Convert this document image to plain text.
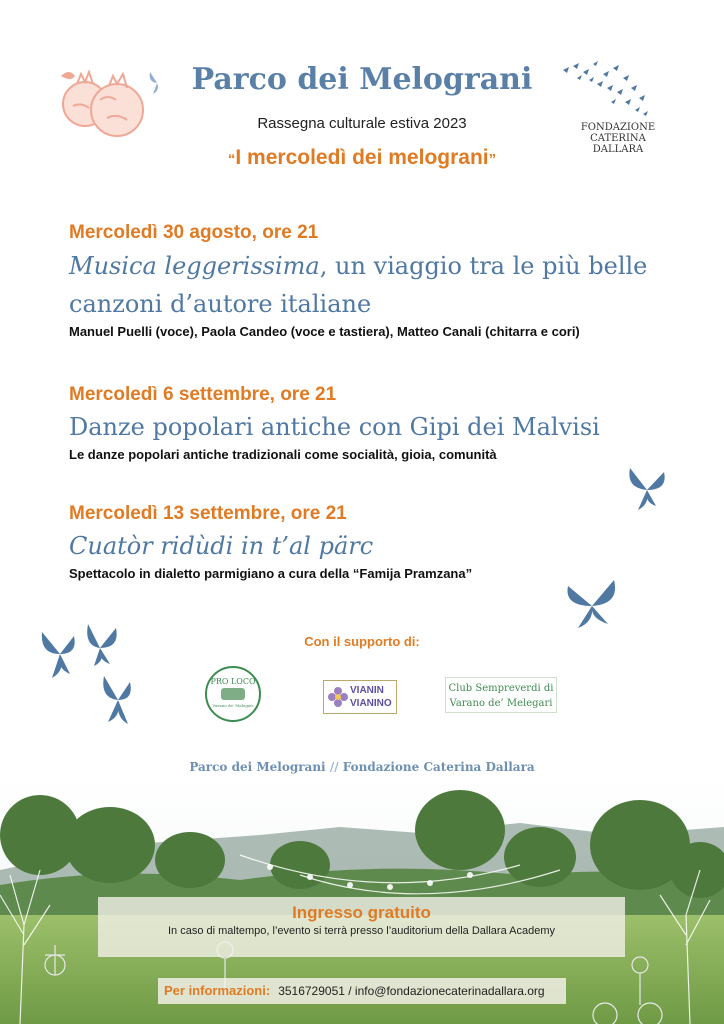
Parco dei Melograni
Rassegna culturale estiva 2023
“I mercoledì dei melograni”
FONDAZIONE
CATERINA
DALLARA
Mercoledì 30 agosto, ore 21
Musica leggerissima, un viaggio tra le più belle
canzoni d’autore italiane
Manuel Puelli (voce), Paola Candeo (voce e tastiera), Matteo Canali (chitarra e cori)
Mercoledì 6 settembre, ore 21
Danze popolari antiche con Gipi dei Malvisi
Le danze popolari antiche tradizionali come socialità, gioia, comunità
Mercoledì 13 settembre, ore 21
Cuatòr ridùdi in t’al pärc
Spettacolo in dialetto parmigiano a cura della “Famija Pramzana”
Con il supporto di:
PRO LOCO
Varano de' Melegari
VIANIN
VIANINO
Club Sempreverdi di
Varano de’ Melegari
Parco dei Melograni // Fondazione Caterina Dallara
Ingresso gratuito
In caso di maltempo, l’evento si terrà presso l’auditorium della Dallara Academy
Per informazioni: 3516729051 / info@fondazionecaterinadallara.org
